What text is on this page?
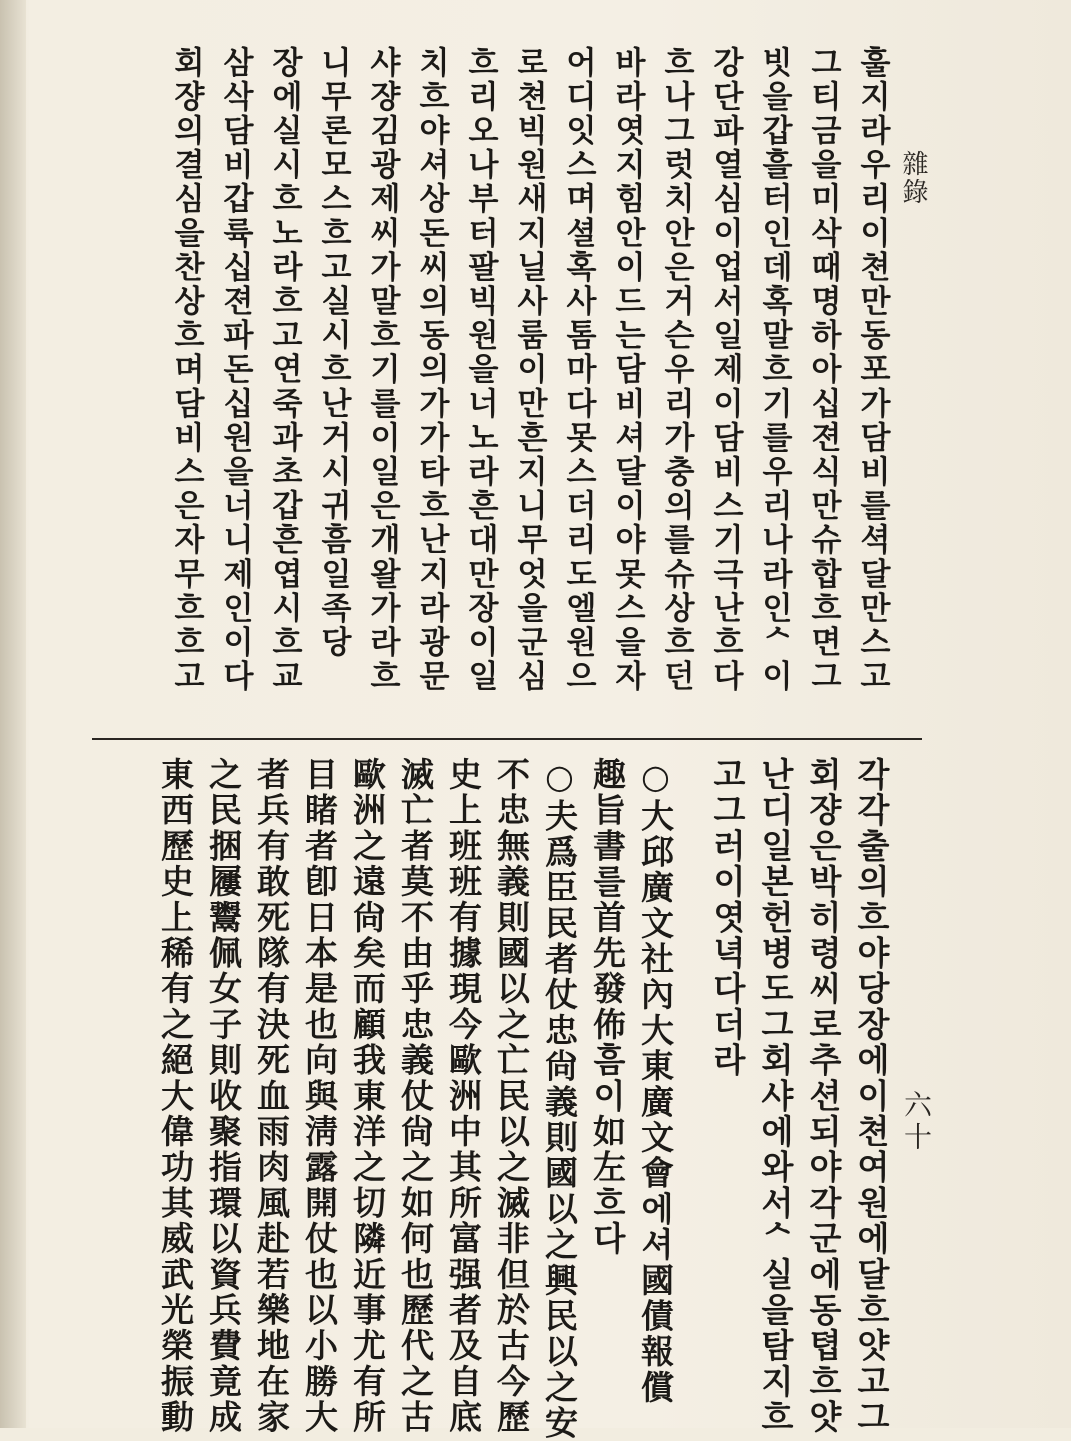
雜錄
六十
훌지라우리이쳔만동포가담비를셕달만스고
그티금을미삭때명하아십젼식만슈합흐면그
빗을갑흘터인데혹말흐기를우리나라인ᄉ이
강단파열심이업서일제이담비스기극난흐다
흐나그럿치안은거슨우리가충의를슈상흐던
바라엿지힘안이드는담비셔달이야못스을자
어디잇스며셜혹사톰마다못스더리도엘원으
로쳔빅원새지닐사룸이만흔지니무엇을군심
흐리오나부터팔빅원을너노라흔대만장이일
치흐야셔상돈씨의동의가가타흐난지라광문
샤쟝김광제씨가말흐기를이일은개왈가라흐
니무론모스흐고실시흐난거시귀흠일족당
장에실시흐노라흐고연죽과초갑흔엽시흐교
삼삭담비갑륙십젼파돈십원을너니제인이다
회쟝의결심을찬상흐며담비스은자무흐흐고
각각출의흐야당장에이쳔여원에달흐얏고그
회쟝은박히령씨로추션되야각군에동텹흐얏
난디일본헌병도그회샤에와서ᄉ실을탐지흐
고그러이엿녁다더라
○大邱廣文社內大東廣文會에셔國債報償
趣旨書를首先發佈흠이如左흐다
○夫爲臣民者仗忠尙義則國以之興民以之安
不忠無義則國以之亡民以之滅非但於古今歷
史上班班有據現今歐洲中其所富强者及自底
滅亡者莫不由乎忠義仗尙之如何也歷代之古
歐洲之遠尙矣而顧我東洋之切隣近事尤有所
目睹者卽日本是也向與淸露開仗也以小勝大
者兵有敢死隊有決死血雨肉風赴若樂地在家
之民捆屨鬻佩女子則收聚指環以資兵費竟成
東西歷史上稀有之絕大偉功其威武光榮振動
